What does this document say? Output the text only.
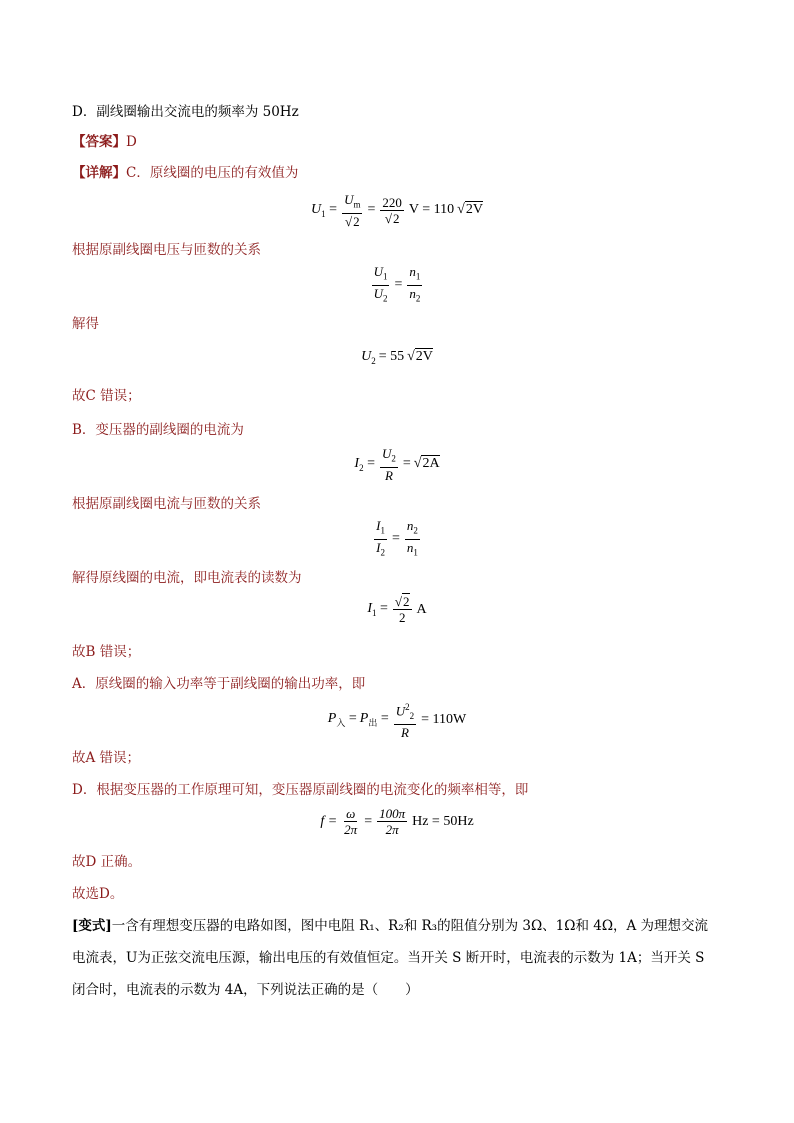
D．副线圈输出交流电的频率为 50Hz
【答案】D
【详解】C．原线圈的电压的有效值为
$U_1 = \frac{U_m}{√2} = \frac{220}{√2}$ V = 110 √2V
根据原副线圈电压与匝数的关系
$\frac{U_1}{U_2} = \frac{n_1}{n_2}$
解得
$U_2 = 55$ √2V
故C 错误；
B．变压器的副线圈的电流为
$I_2 = \frac{U_2}{R} = √2A$
根据原副线圈电流与匝数的关系
$\frac{I_1}{I_2} = \frac{n_2}{n_1}$
解得原线圈的电流，即电流表的读数为
$I_1 = \frac{√2}{2}$ A
故B 错误；
A．原线圈的输入功率等于副线圈的输出功率，即
$P_入 = P_出 = \frac{U^2_2}{R} = 110W$
故A 错误；
D．根据变压器的工作原理可知，变压器原副线圈的电流变化的频率相等，即
$f = \frac{\omega}{2\pi} = \frac{100\pi}{2\pi}$ Hz = 50Hz
故D 正确。
故选D。
[变式]一含有理想变压器的电路如图，图中电阻 R₁、R₂和 R₃的阻值分别为 3Ω、1Ω和 4Ω，A 为理想交流
电流表，U为正弦交流电压源，输出电压的有效值恒定。当开关 S 断开时，电流表的示数为 1A；当开关 S
闭合时，电流表的示数为 4A，下列说法正确的是（　　）
